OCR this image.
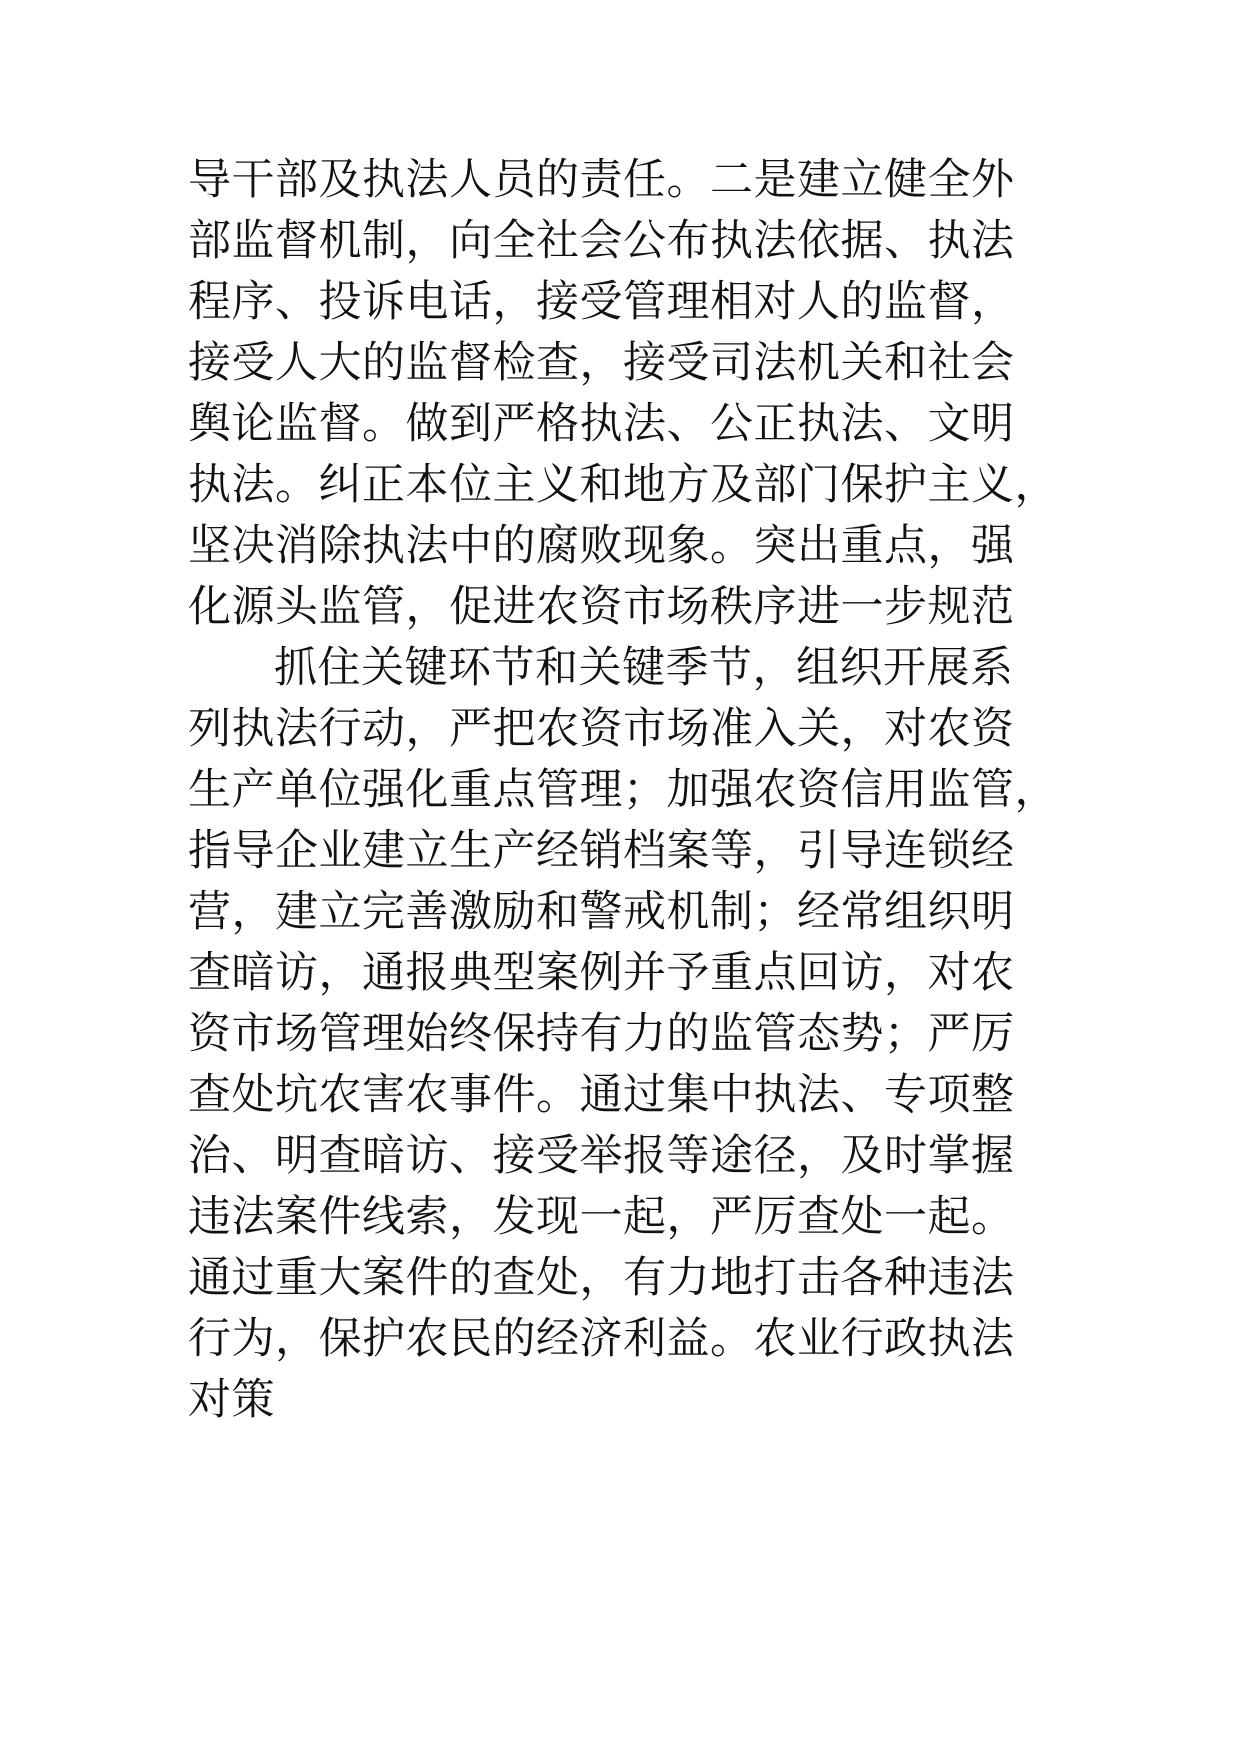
导干部及执法人员的责任。二是建立健全外
部监督机制，向全社会公布执法依据、执法
程序、投诉电话，接受管理相对人的监督，
接受人大的监督检查，接受司法机关和社会
舆论监督。做到严格执法、公正执法、文明
执法。纠正本位主义和地方及部门保护主义，
坚决消除执法中的腐败现象。突出重点，强
化源头监管，促进农资市场秩序进一步规范
抓住关键环节和关键季节，组织开展系
列执法行动，严把农资市场准入关，对农资
生产单位强化重点管理；加强农资信用监管，
指导企业建立生产经销档案等，引导连锁经
营，建立完善激励和警戒机制；经常组织明
查暗访，通报典型案例并予重点回访，对农
资市场管理始终保持有力的监管态势；严厉
查处坑农害农事件。通过集中执法、专项整
治、明查暗访、接受举报等途径，及时掌握
违法案件线索，发现一起，严厉查处一起。
通过重大案件的查处，有力地打击各种违法
行为，保护农民的经济利益。农业行政执法
对策
